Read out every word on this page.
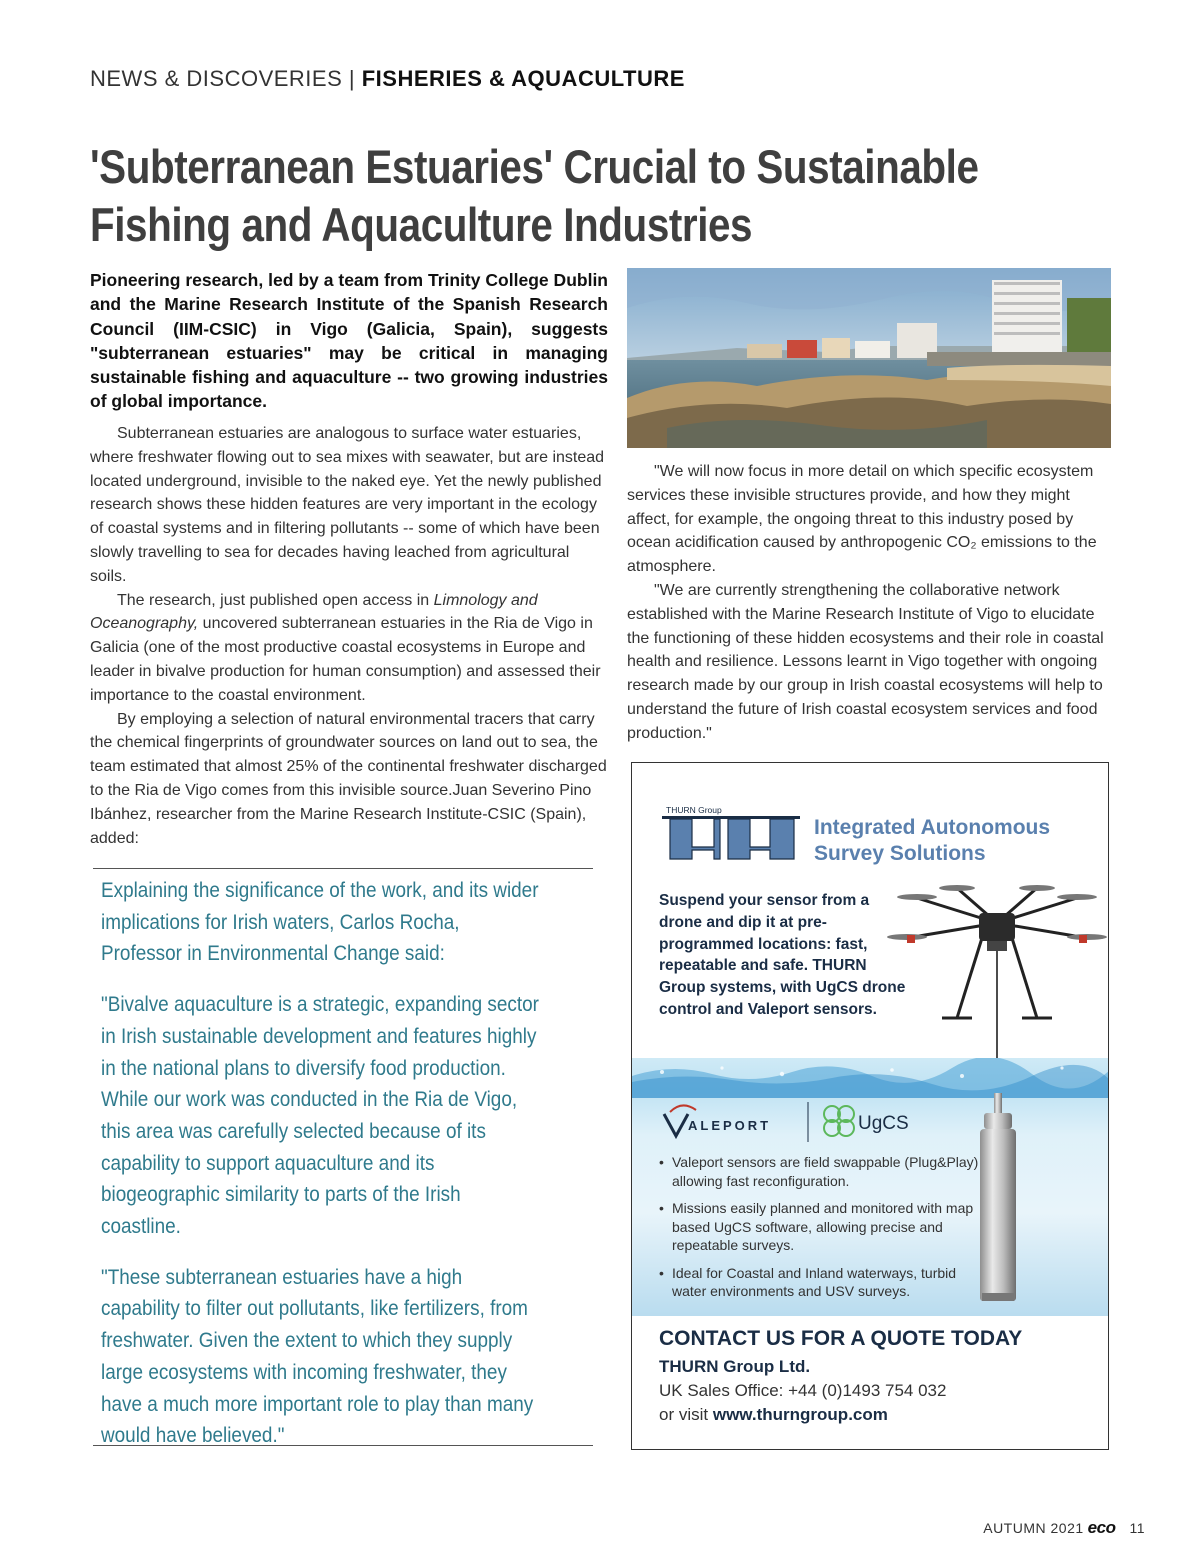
NEWS & DISCOVERIES | FISHERIES & AQUACULTURE
'Subterranean Estuaries' Crucial to Sustainable
Fishing and Aquaculture Industries
Pioneering research, led by a team from Trinity College Dublin and the Marine Research Institute of the Spanish Research Council (IIM-CSIC) in Vigo (Galicia, Spain), suggests "subterranean estuaries" may be critical in managing sustainable fishing and aquaculture -- two growing industries of global importance.

Subterranean estuaries are analogous to surface water estuaries, where freshwater flowing out to sea mixes with seawater, but are instead located underground, invisible to the naked eye. Yet the newly published research shows these hidden features are very important in the ecology of coastal systems and in filtering pollutants -- some of which have been slowly travelling to sea for decades having leached from agricultural soils.

The research, just published open access in Limnology and Oceanography, uncovered subterranean estuaries in the Ria de Vigo in Galicia (one of the most productive coastal ecosystems in Europe and leader in bivalve production for human consumption) and assessed their importance to the coastal environment.

By employing a selection of natural environmental tracers that carry the chemical fingerprints of groundwater sources on land out to sea, the team estimated that almost 25% of the continental freshwater discharged to the Ria de Vigo comes from this invisible source.Juan Severino Pino Ibánhez, researcher from the Marine Research Institute-CSIC (Spain), added:

Explaining the significance of the work, and its wider implications for Irish waters, Carlos Rocha, Professor in Environmental Change said:

"Bivalve aquaculture is a strategic, expanding sector in Irish sustainable development and features highly in the national plans to diversify food production. While our work was conducted in the Ria de Vigo, this area was carefully selected because of its capability to support aquaculture and its biogeographic similarity to parts of the Irish coastline.

"These subterranean estuaries have a high capability to filter out pollutants, like fertilizers, from freshwater. Given the extent to which they supply large ecosystems with incoming freshwater, they have a much more important role to play than many would have believed."

"We will now focus in more detail on which specific ecosystem services these invisible structures provide, and how they might affect, for example, the ongoing threat to this industry posed by ocean acidification caused by anthropogenic CO₂ emissions to the atmosphere.

"We are currently strengthening the collaborative network established with the Marine Research Institute of Vigo to elucidate the functioning of these hidden ecosystems and their role in coastal health and resilience. Lessons learnt in Vigo together with ongoing research made by our group in Irish coastal ecosystems will help to understand the future of Irish coastal ecosystem services and food production."

THURN Group
Integrated Autonomous
Survey Solutions
Suspend your sensor from a drone and dip it at pre-programmed locations: fast, repeatable and safe. THURN Group systems, with UgCS drone control and Valeport sensors.
ALEPORT	UgCS
• Valeport sensors are field swappable (Plug&Play) allowing fast reconfiguration.
• Missions easily planned and monitored with map based UgCS software, allowing precise and repeatable surveys.
• Ideal for Coastal and Inland waterways, turbid water environments and USV surveys.
CONTACT US FOR A QUOTE TODAY
THURN Group Ltd.
UK Sales Office: +44 (0)1493 754 032
or visit www.thurngroup.com
AUTUMN 2021 eco 11
